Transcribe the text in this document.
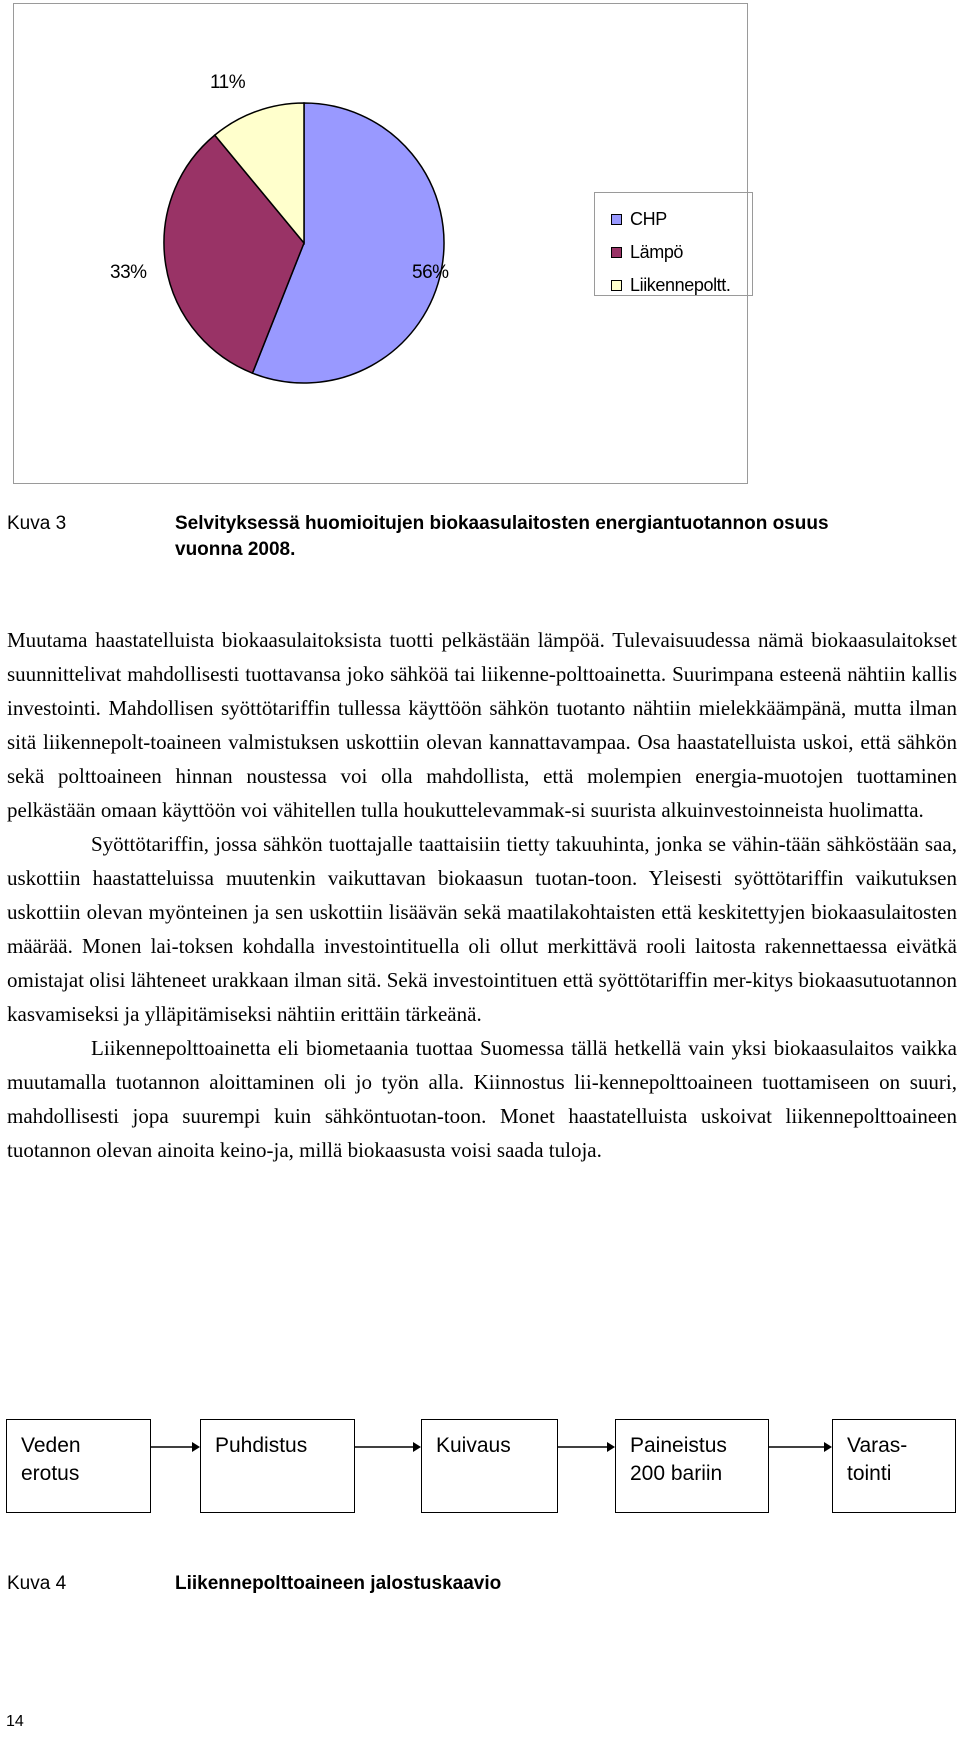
56%
33%
11%
CHP
Lämpö
Liikennepoltt.
Kuva 3	Selvityksessä huomioitujen biokaasulaitosten energiantuotannon osuus
vuonna 2008.

Muutama haastatelluista biokaasulaitoksista tuotti pelkästään lämpöä. Tulevaisuudessa nämä biokaasulaitokset suunnittelivat mahdollisesti tuottavansa joko sähköä tai liikenne-polttoainetta. Suurimpana esteenä nähtiin kallis investointi. Mahdollisen syöttötariffin tullessa käyttöön sähkön tuotanto nähtiin mielekkäämpänä, mutta ilman sitä liikennepolt-toaineen valmistuksen uskottiin olevan kannattavampaa. Osa haastatelluista uskoi, että sähkön sekä polttoaineen hinnan noustessa voi olla mahdollista, että molempien energia-muotojen tuottaminen pelkästään omaan käyttöön voi vähitellen tulla houkuttelevammak-si suurista alkuinvestoinneista huolimatta.

Syöttötariffin, jossa sähkön tuottajalle taattaisiin tietty takuuhinta, jonka se vähin-tään sähköstään saa, uskottiin haastatteluissa muutenkin vaikuttavan biokaasun tuotan-toon. Yleisesti syöttötariffin vaikutuksen uskottiin olevan myönteinen ja sen uskottiin lisäävän sekä maatilakohtaisten että keskitettyjen biokaasulaitosten määrää. Monen lai-toksen kohdalla investointituella oli ollut merkittävä rooli laitosta rakennettaessa eivätkä omistajat olisi lähteneet urakkaan ilman sitä. Sekä investointituen että syöttötariffin mer-kitys biokaasutuotannon kasvamiseksi ja ylläpitämiseksi nähtiin erittäin tärkeänä.

Liikennepolttoainetta eli biometaania tuottaa Suomessa tällä hetkellä vain yksi biokaasulaitos vaikka muutamalla tuotannon aloittaminen oli jo työn alla. Kiinnostus lii-kennepolttoaineen tuottamiseen on suuri, mahdollisesti jopa suurempi kuin sähköntuotan-toon. Monet haastatelluista uskoivat liikennepolttoaineen tuotannon olevan ainoita keino-ja, millä biokaasusta voisi saada tuloja.

Veden
erotus
Puhdistus	Kuivaus	Paineistus
200 bariin
Varas-
tointi
Kuva 4	Liikennepolttoaineen jalostuskaavio
14
